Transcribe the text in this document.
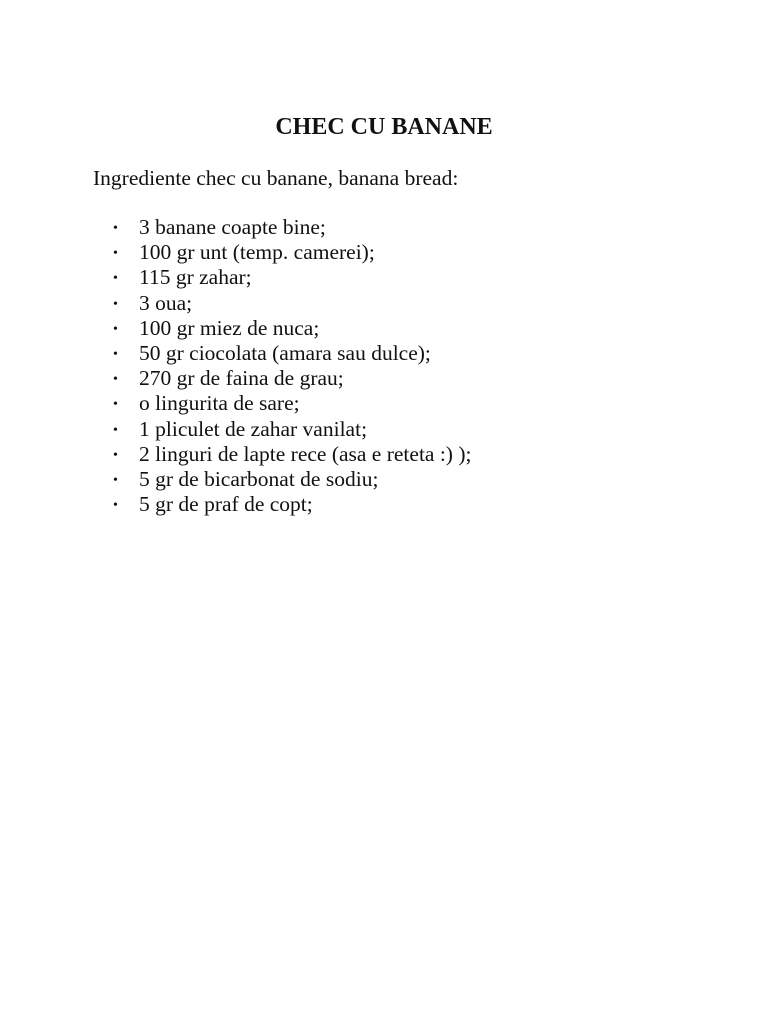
CHEC CU BANANE

Ingrediente chec cu banane, banana bread:

• 3 banane coapte bine;
• 100 gr unt (temp. camerei);
• 115 gr zahar;
• 3 oua;
• 100 gr miez de nuca;
• 50 gr ciocolata (amara sau dulce);
• 270 gr de faina de grau;
• o lingurita de sare;
• 1 pliculet de zahar vanilat;
• 2 linguri de lapte rece (asa e reteta :) );
• 5 gr de bicarbonat de sodiu;
• 5 gr de praf de copt;
